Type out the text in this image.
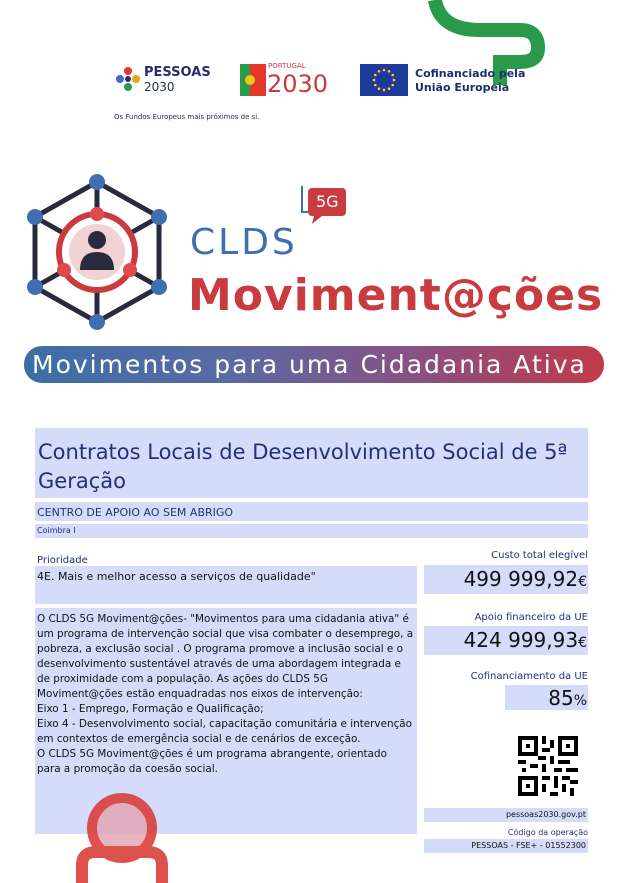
PESSOAS
2030
Os Fundos Europeus mais próximos de si.
PORTUGAL
2030	Cofinanciado pela
União Europeia
5G
CLDS
Moviment@ções
Movimentos para uma Cidadania Ativa
Contratos Locais de Desenvolvimento Social de 5ª Geração
CENTRO DE APOIO AO SEM ABRIGO
Coimbra I
Prioridade
4E. Mais e melhor acesso a serviços de qualidade"
O CLDS 5G Moviment@ções- "Movimentos para uma cidadania ativa" é
um programa de intervenção social que visa combater o desemprego, a
pobreza, a exclusão social . O programa promove a inclusão social e o
desenvolvimento sustentável através de uma abordagem integrada e
de proximidade com a população. As ações do CLDS 5G
Moviment@ções estão enquadradas nos eixos de intervenção:
Eixo 1 - Emprego, Formação e Qualificação;
Eixo 4 - Desenvolvimento social, capacitação comunitária e intervenção
em contextos de emergência social e de cenários de exceção.
O CLDS 5G Moviment@ções é um programa abrangente, orientado
para a promoção da coesão social.
Custo total elegível
499 999,92€
Apoio financeiro da UE
424 999,93€
Cofinanciamento da UE
85%
pessoas2030.gov.pt
Código da operação
PESSOAS - FSE+ - 01552300
